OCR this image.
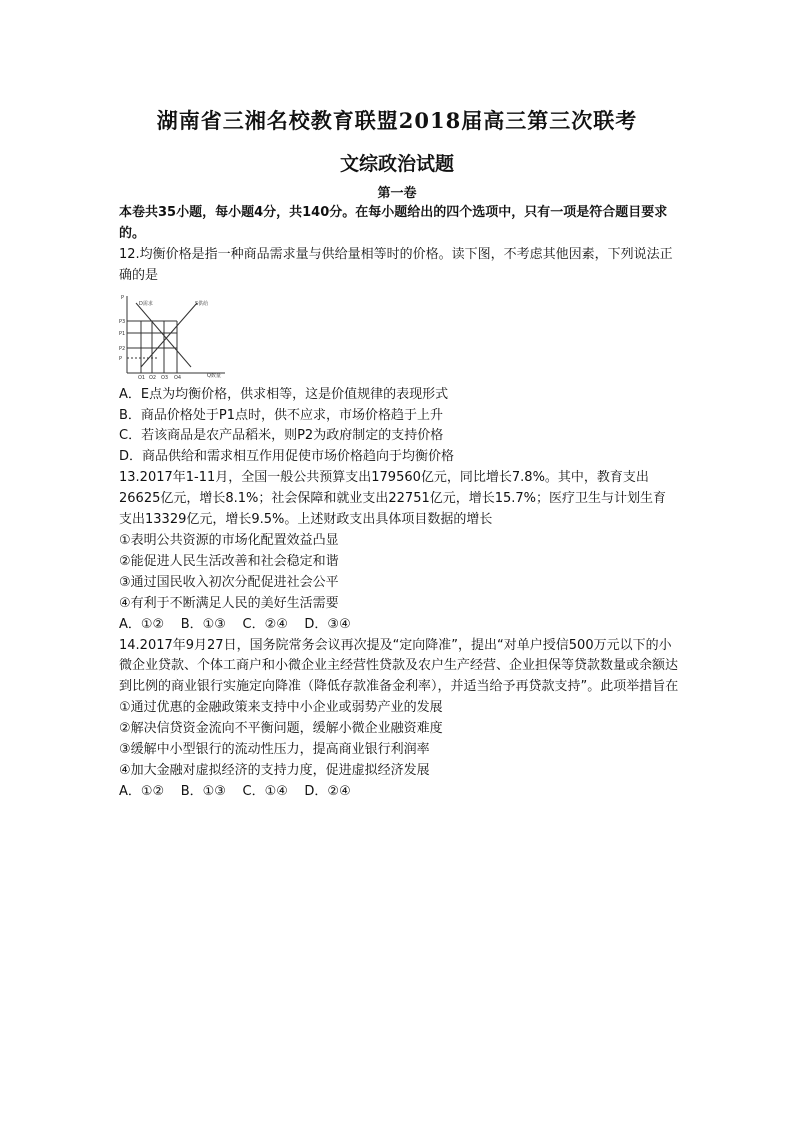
湖南省三湘名校教育联盟2018届高三第三次联考
文综政治试题
第一卷

本卷共35小题，每小题4分，共140分。在每小题给出的四个选项中，只有一项是符合题目要求的。

12.均衡价格是指一种商品需求量与供给量相等时的价格。读下图，不考虑其他因素，下列说法正确的是

P
Q数量
D需求	S供给
P3
P1
P2
P
Q1 Q2 Q3 Q4

A．E点为均衡价格，供求相等，这是价值规律的表现形式

B．商品价格处于P1点时，供不应求，市场价格趋于上升

C．若该商品是农产品稻米，则P2为政府制定的支持价格

D．商品供给和需求相互作用促使市场价格趋向于均衡价格

13.2017年1-11月，全国一般公共预算支出179560亿元，同比增长7.8%。其中，教育支出26625亿元，增长8.1%；社会保障和就业支出22751亿元，增长15.7%；医疗卫生与计划生育支出13329亿元，增长9.5%。上述财政支出具体项目数据的增长

①表明公共资源的市场化配置效益凸显

②能促进人民生活改善和社会稳定和谐

③通过国民收入初次分配促进社会公平

④有利于不断满足人民的美好生活需要

A．①②    B．①③    C．②④    D．③④

14.2017年9月27日，国务院常务会议再次提及“定向降准”，提出“对单户授信500万元以下的小微企业贷款、个体工商户和小微企业主经营性贷款及农户生产经营、企业担保等贷款数量或余额达到比例的商业银行实施定向降准（降低存款准备金利率），并适当给予再贷款支持”。此项举措旨在

①通过优惠的金融政策来支持中小企业或弱势产业的发展

②解决信贷资金流向不平衡问题，缓解小微企业融资难度

③缓解中小型银行的流动性压力，提高商业银行利润率

④加大金融对虚拟经济的支持力度，促进虚拟经济发展

A．①②    B．①③    C．①④    D．②④
